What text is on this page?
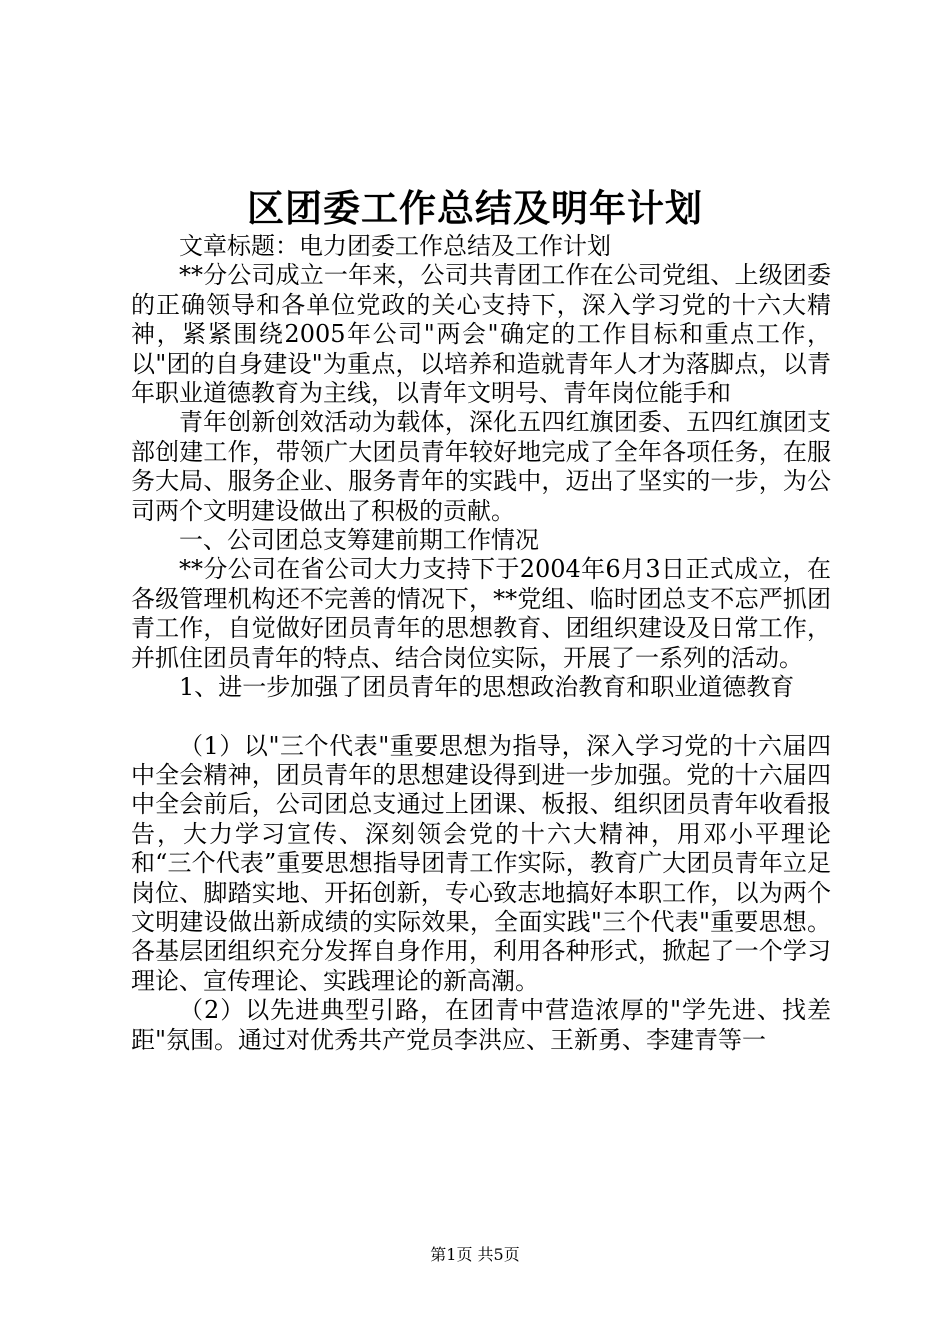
区团委工作总结及明年计划

文章标题：电力团委工作总结及工作计划

**分公司成立一年来，公司共青团工作在公司党组、上级团委的正确领导和各单位党政的关心支持下，深入学习党的十六大精神，紧紧围绕2005年公司"两会"确定的工作目标和重点工作，以"团的自身建设"为重点，以培养和造就青年人才为落脚点，以青年职业道德教育为主线，以青年文明号、青年岗位能手和

青年创新创效活动为载体，深化五四红旗团委、五四红旗团支部创建工作，带领广大团员青年较好地完成了全年各项任务，在服务大局、服务企业、服务青年的实践中，迈出了坚实的一步，为公司两个文明建设做出了积极的贡献。

一、公司团总支筹建前期工作情况

**分公司在省公司大力支持下于2004年6月3日正式成立，在各级管理机构还不完善的情况下，**党组、临时团总支不忘严抓团青工作，自觉做好团员青年的思想教育、团组织建设及日常工作，并抓住团员青年的特点、结合岗位实际，开展了一系列的活动。

1、进一步加强了团员青年的思想政治教育和职业道德教育

（1）以"三个代表"重要思想为指导，深入学习党的十六届四中全会精神，团员青年的思想建设得到进一步加强。党的十六届四中全会前后，公司团总支通过上团课、板报、组织团员青年收看报告，大力学习宣传、深刻领会党的十六大精神，用邓小平理论和“三个代表”重要思想指导团青工作实际，教育广大团员青年立足岗位、脚踏实地、开拓创新，专心致志地搞好本职工作，以为两个文明建设做出新成绩的实际效果，全面实践"三个代表"重要思想。各基层团组织充分发挥自身作用，利用各种形式，掀起了一个学习理论、宣传理论、实践理论的新高潮。

（2）以先进典型引路，在团青中营造浓厚的"学先进、找差距"氛围。通过对优秀共产党员李洪应、王新勇、李建青等一

第1页 共5页
